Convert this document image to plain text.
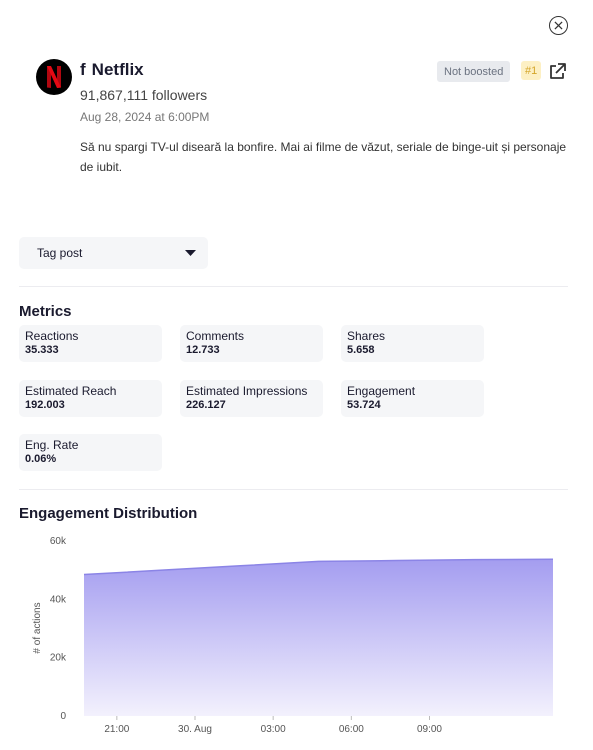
f Netflix
91,867,111 followers
Aug 28, 2024 at 6:00PM
Not boosted	#1
Să nu spargi TV-ul diseară la bonfire. Mai ai filme de văzut, seriale de binge-uit și personaje de iubit.
Tag post
Metrics
Reactions
35.333
Comments
12.733
Shares
5.658
Estimated Reach
192.003
Estimated Impressions
226.127
Engagement
53.724
Eng. Rate
0.06%
Engagement Distribution
0
20k
40k
60k
21:00	30. Aug	03:00	06:00	09:00
# of actions
